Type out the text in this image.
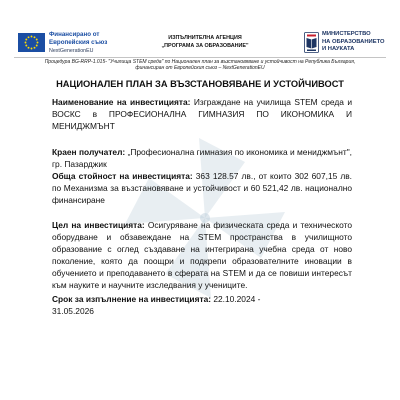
Финансирано от
Европейския съюз
NextGenerationEU
ИЗПЪЛНИТЕЛНА АГЕНЦИЯ
„ПРОГРАМА ЗА ОБРАЗОВАНИЕ"
МИНИСТЕРСТВО
НА ОБРАЗОВАНИЕТО
И НАУКАТА
Процедура BG-RRP-1.015- "Училища STEM среда" по Национален план за възстановяване и устойчивост на Република България,
финансиран от Европейския съюз – NextGenerationEU
НАЦИОНАЛЕН ПЛАН ЗА ВЪЗСТАНОВЯВАНЕ И УСТОЙЧИВОСТ

Наименование на инвестицията: Изграждане на училища STEM среда и ВОСКС в ПРОФЕСИОНАЛНА ГИМНАЗИЯ ПО ИКОНОМИКА И МЕНИДЖМЪНТ

Краен получател: „Професионална гимназия по икономика и мениджмънт", гр. Пазарджик

Обща стойност на инвестицията: 363 128.57 лв., от които 302 607,15 лв. по Механизма за възстановяване и устойчивост и 60 521,42 лв. национално финансиране

Цел на инвестицията: Осигуряване на физическата среда и техническото оборудване и обзавеждане на STEM пространства в училищното образование с оглед създаване на интегрирана учебна среда от ново поколение, която да поощри и подкрепи образователните иновации в обучението и преподаването в сферата на STEM и да се повиши интересът към науките и научните изследвания у учениците.

Срок за изпълнение на инвестицията: 22.10.2024 - 31.05.2026
